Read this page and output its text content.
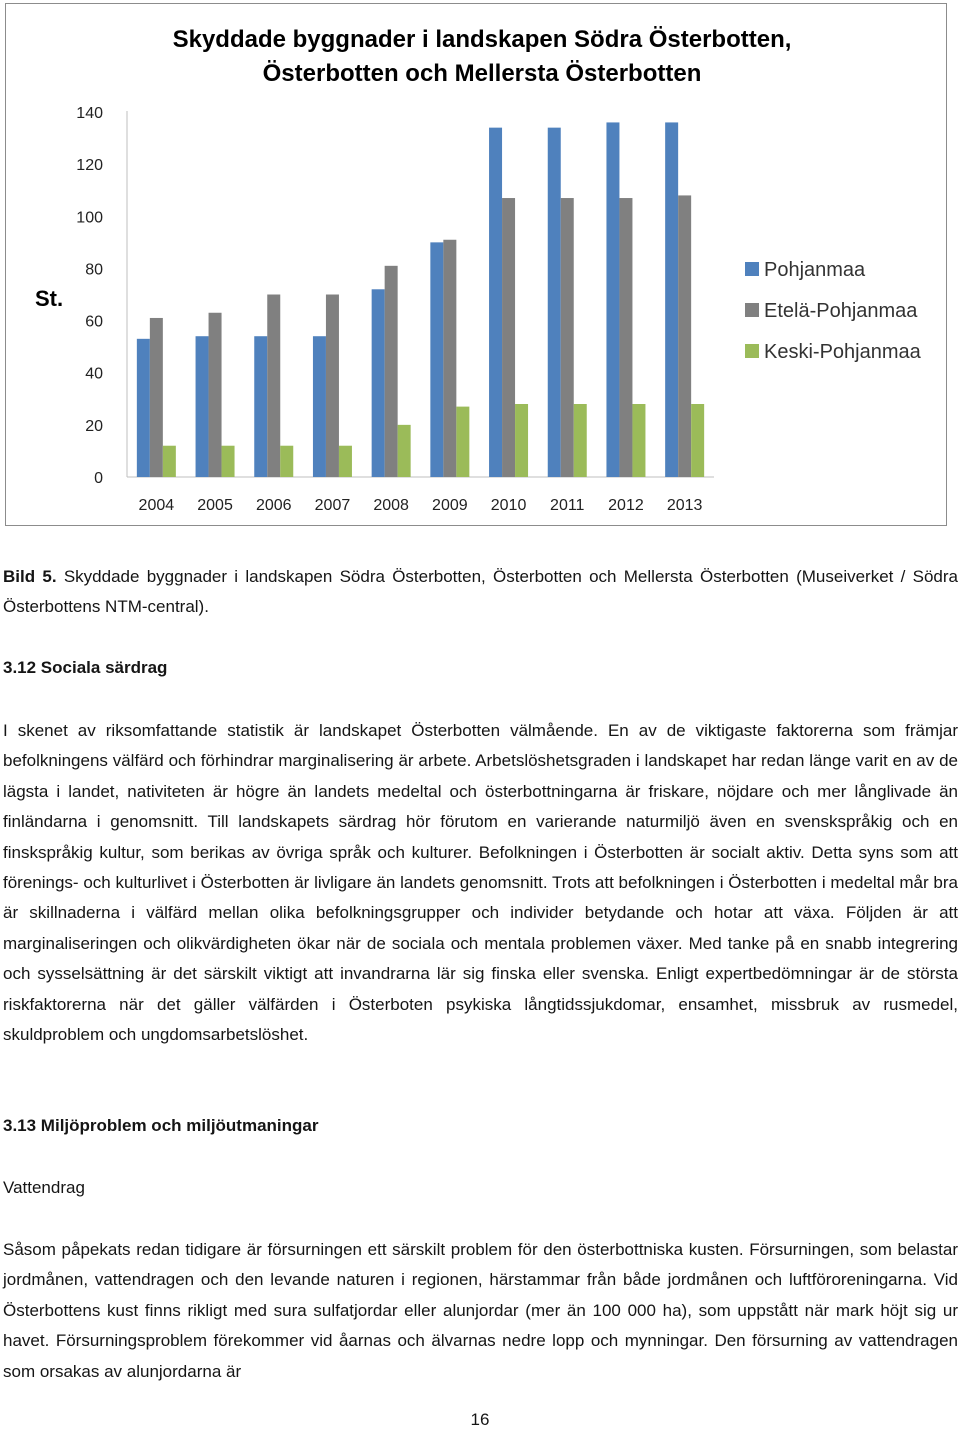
Skyddade byggnader i landskapen Södra Österbotten,
Österbotten och Mellersta Österbotten
St.
0
20
40
60
80
100
120
140
2004 2005 2006 2007 2008 2009 2010 2011 2012 2013
Pohjanmaa
Etelä-Pohjanmaa
Keski-Pohjanmaa

Bild 5. Skyddade byggnader i landskapen Södra Österbotten, Österbotten och Mellersta Österbotten (Museiverket / Södra Österbottens NTM-central).

3.12 Sociala särdrag

I skenet av riksomfattande statistik är landskapet Österbotten välmående. En av de viktigaste faktorerna som främjar befolkningens välfärd och förhindrar marginalisering är arbete. Arbetslöshetsgraden i landskapet har redan länge varit en av de lägsta i landet, nativiteten är högre än landets medeltal och österbottningarna är friskare, nöjdare och mer långlivade än finländarna i genomsnitt. Till landskapets särdrag hör förutom en varierande naturmiljö även en svenskspråkig och en finskspråkig kultur, som berikas av övriga språk och kulturer. Befolkningen i Österbotten är socialt aktiv. Detta syns som att förenings- och kulturlivet i Österbotten är livligare än landets genomsnitt. Trots att befolkningen i Österbotten i medeltal mår bra är skillnaderna i välfärd mellan olika befolkningsgrupper och individer betydande och hotar att växa. Följden är att marginaliseringen och olikvärdigheten ökar när de sociala och mentala problemen växer. Med tanke på en snabb integrering och sysselsättning är det särskilt viktigt att invandrarna lär sig finska eller svenska. Enligt expertbedömningar är de största riskfaktorerna när det gäller välfärden i Österboten psykiska långtidssjukdomar, ensamhet, missbruk av rusmedel, skuldproblem och ungdomsarbetslöshet.

3.13 Miljöproblem och miljöutmaningar
Vattendrag

Såsom påpekats redan tidigare är försurningen ett särskilt problem för den österbottniska kusten. Försurningen, som belastar jordmånen, vattendragen och den levande naturen i regionen, härstammar från både jordmånen och luftföroreningarna. Vid Österbottens kust finns rikligt med sura sulfatjordar eller alunjordar (mer än 100 000 ha), som uppstått när mark höjt sig ur havet. Försurningsproblem förekommer vid åarnas och älvarnas nedre lopp och mynningar. Den försurning av vattendragen som orsakas av alunjordarna är

16
